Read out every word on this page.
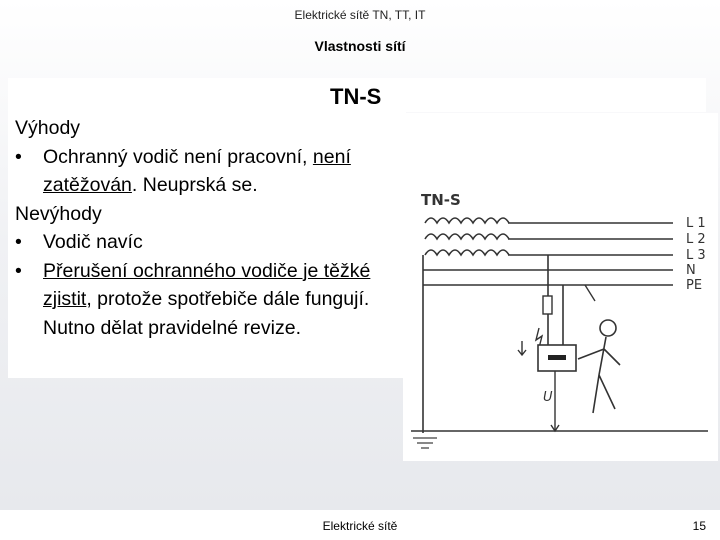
Elektrické sítě TN, TT, IT
Vlastnosti sítí
TN-S

Výhody

• Ochranný vodič není pracovní, není zatěžován. Neuprská se.

Nevýhody

• Vodič navíc
• Přerušení ochranného vodiče je těžké zjistit, protože spotřebiče dále fungují. Nutno dělat pravidelné revize.
TN-S
L 1
L 2
L 3
N
PE
U
Elektrické sítě	15
